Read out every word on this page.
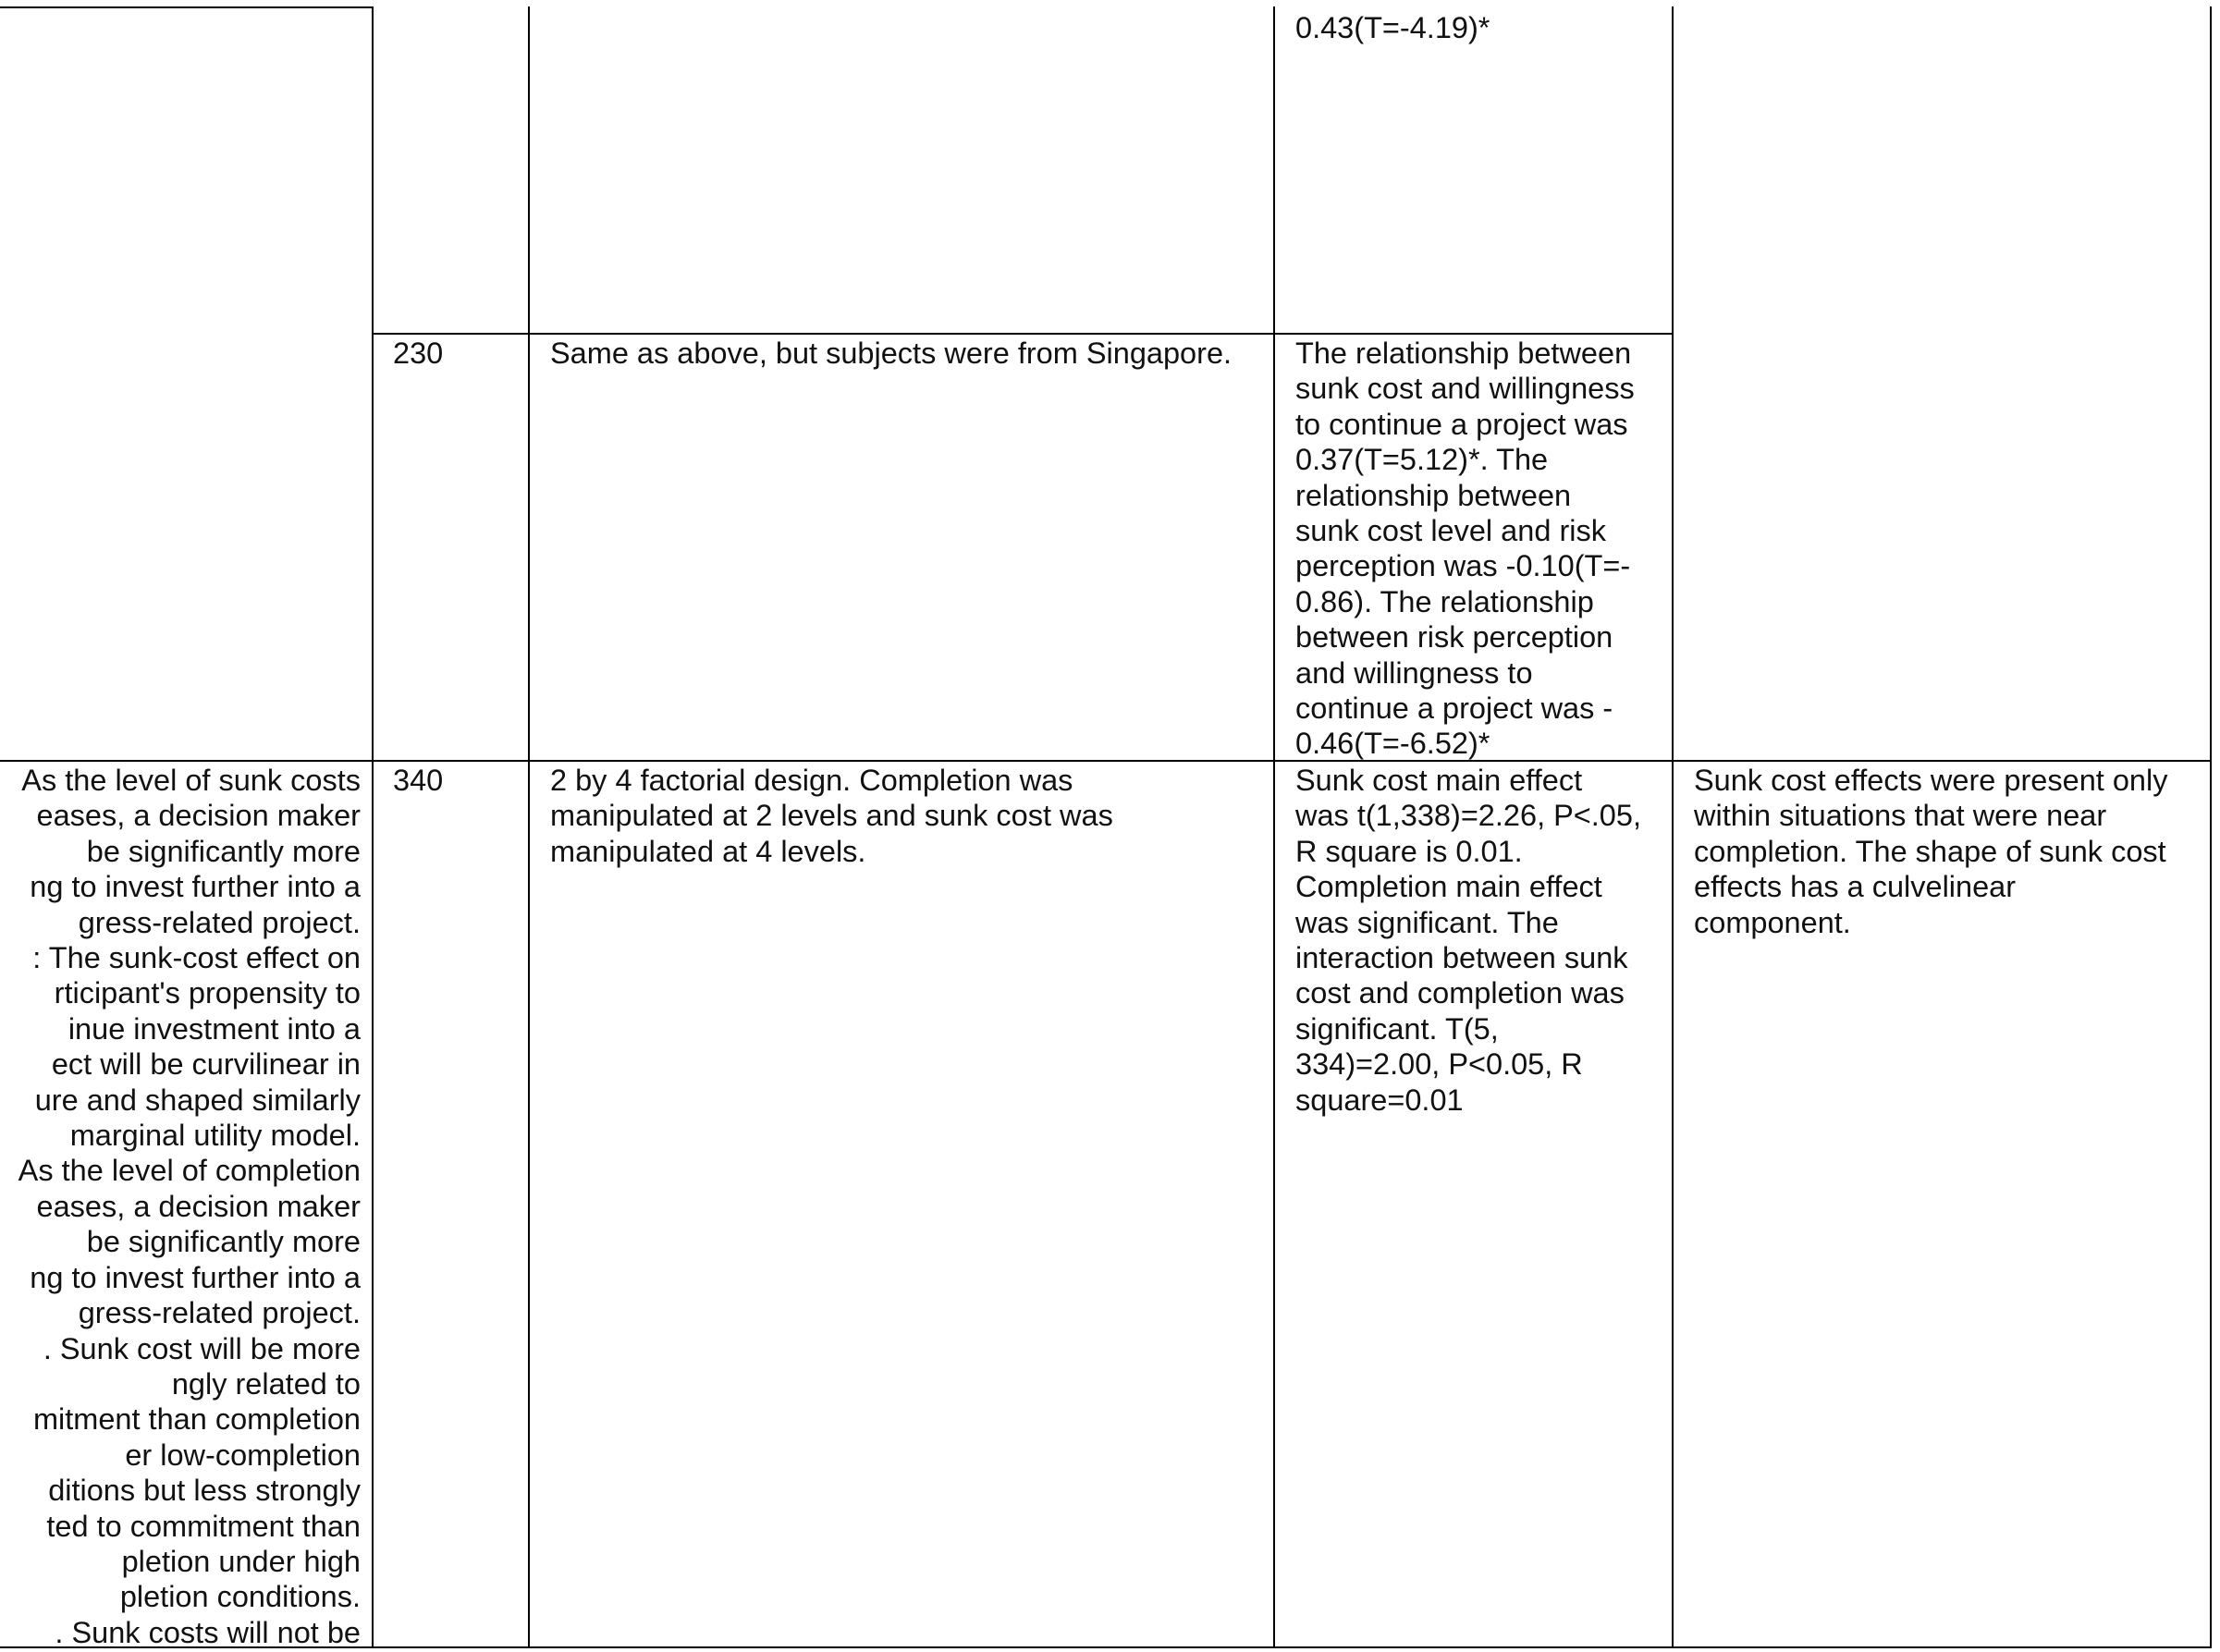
0.43(T=-4.19)*
230	Same as above, but subjects were from Singapore. The relationship between
sunk cost and willingness
to continue a project was
0.37(T=5.12)*. The
relationship between
sunk cost level and risk
perception was -0.10(T=-
0.86). The relationship
between risk perception
and willingness to
continue a project was -
0.46(T=-6.52)*
As the level of sunk costs
eases, a decision maker
be significantly more
ng to invest further into a
gress-related project.
: The sunk-cost effect on
rticipant's propensity to
inue investment into a
ect will be curvilinear in
ure and shaped similarly
marginal utility model.
As the level of completion
eases, a decision maker
be significantly more
ng to invest further into a
gress-related project.
. Sunk cost will be more
ngly related to
mitment than completion
er low-completion
ditions but less strongly
ted to commitment than
pletion under high
pletion conditions.
. Sunk costs will not be
340	2 by 4 factorial design. Completion was
manipulated at 2 levels and sunk cost was
manipulated at 4 levels.
Sunk cost main effect
was t(1,338)=2.26, P<.05,
R square is 0.01.
Completion main effect
was significant. The
interaction between sunk
cost and completion was
significant. T(5,
334)=2.00, P<0.05, R
square=0.01
Sunk cost effects were present only
within situations that were near
completion. The shape of sunk cost
effects has a culvelinear
component.
